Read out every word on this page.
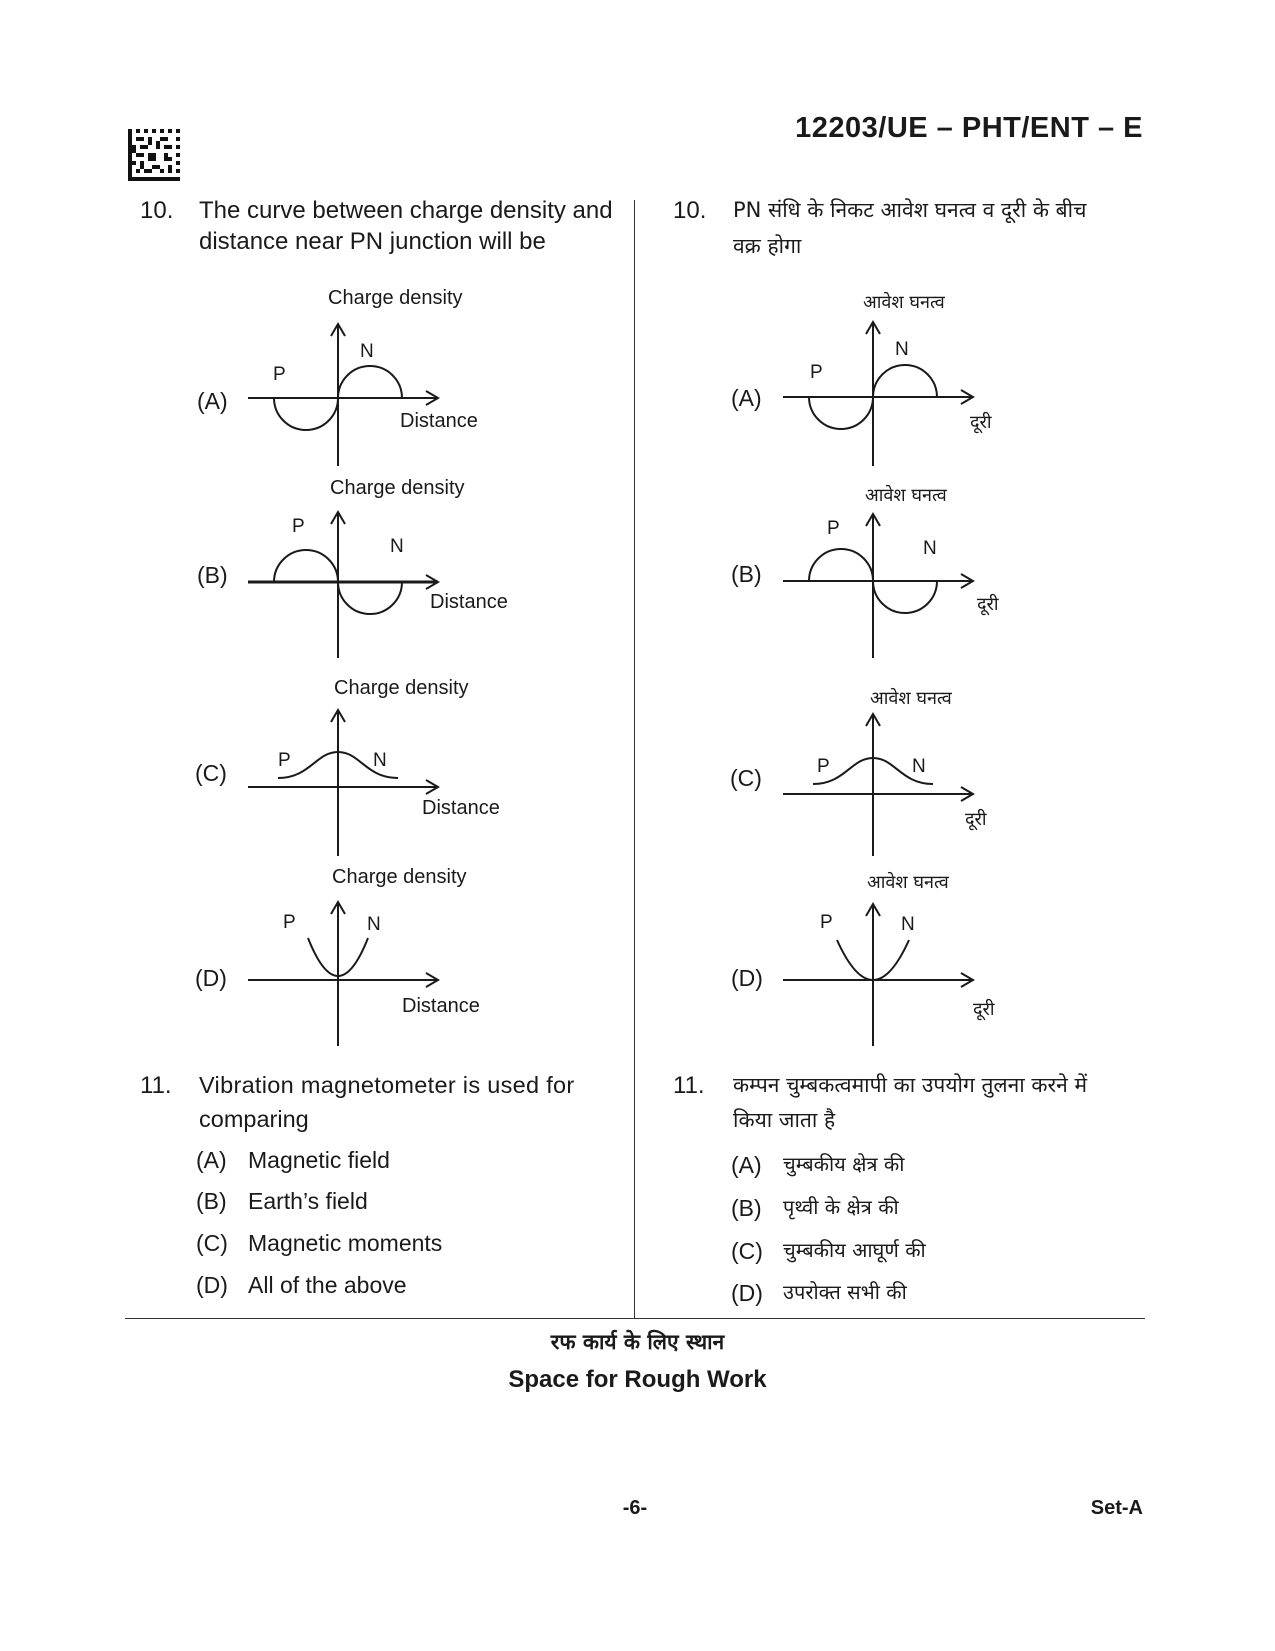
12203/UE – PHT/ENT – E
10. The curve between charge density and
distance near PN junction will be
(A)
Charge density
P
N
Distance
(B)
Charge density
P
N
Distance
(C)
Charge density
P	N
Distance
(D)
Charge density
P	N
Distance
11. Vibration magnetometer is used for
comparing
(A) Magnetic field
(B) Earth’s field
(C) Magnetic moments
(D) All of the above
10. PN संधि के निकट आवेश घनत्व व दूरी के बीच
वक्र होगा
(A)
आवेश घनत्व
P
N
दूरी
(B)
आवेश घनत्व
P
N
दूरी
(C)
आवेश घनत्व
P	N
दूरी
(D)
आवेश घनत्व
P	N
दूरी
11. कम्पन चुम्बकत्वमापी का उपयोग तुलना करने में
किया जाता है
(A) चुम्बकीय क्षेत्र की
(B) पृथ्वी के क्षेत्र की
(C) चुम्बकीय आघूर्ण की
(D) उपरोक्त सभी की
रफ कार्य के लिए स्थान
Space for Rough Work
-6-	Set-A
